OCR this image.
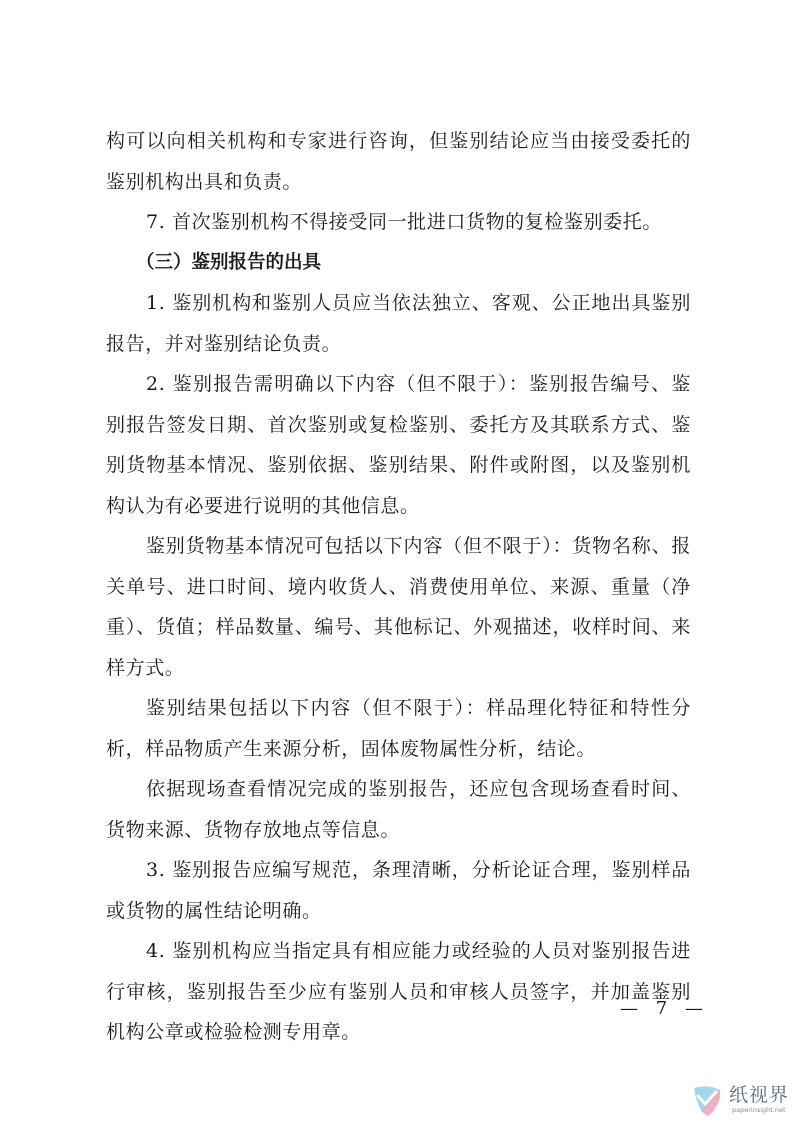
构可以向相关机构和专家进行咨询，但鉴别结论应当由接受委托的鉴别机构出具和负责。

7. 首次鉴别机构不得接受同一批进口货物的复检鉴别委托。

（三）鉴别报告的出具

1. 鉴别机构和鉴别人员应当依法独立、客观、公正地出具鉴别报告，并对鉴别结论负责。

2. 鉴别报告需明确以下内容（但不限于）：鉴别报告编号、鉴别报告签发日期、首次鉴别或复检鉴别、委托方及其联系方式、鉴别货物基本情况、鉴别依据、鉴别结果、附件或附图，以及鉴别机构认为有必要进行说明的其他信息。

鉴别货物基本情况可包括以下内容（但不限于）：货物名称、报关单号、进口时间、境内收货人、消费使用单位、来源、重量（净重）、货值；样品数量、编号、其他标记、外观描述，收样时间、来样方式。

鉴别结果包括以下内容（但不限于）：样品理化特征和特性分析，样品物质产生来源分析，固体废物属性分析，结论。

依据现场查看情况完成的鉴别报告，还应包含现场查看时间、货物来源、货物存放地点等信息。

3. 鉴别报告应编写规范，条理清晰，分析论证合理，鉴别样品或货物的属性结论明确。

4. 鉴别机构应当指定具有相应能力或经验的人员对鉴别报告进行审核，鉴别报告至少应有鉴别人员和审核人员签字，并加盖鉴别机构公章或检验检测专用章。

— 7 —
纸视界
paperinsight.net
